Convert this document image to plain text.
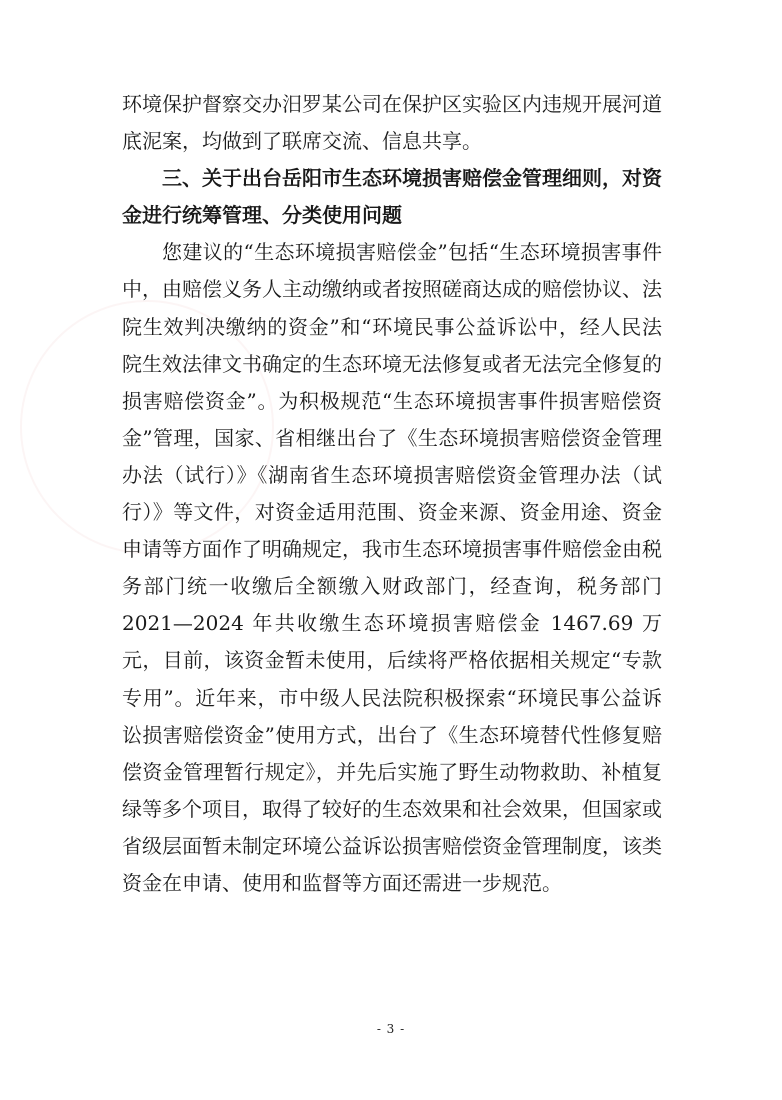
环境保护督察交办汨罗某公司在保护区实验区内违规开展河道底泥案，均做到了联席交流、信息共享。

三、关于出台岳阳市生态环境损害赔偿金管理细则，对资金进行统筹管理、分类使用问题

您建议的“生态环境损害赔偿金”包括“生态环境损害事件中，由赔偿义务人主动缴纳或者按照磋商达成的赔偿协议、法院生效判决缴纳的资金”和“环境民事公益诉讼中，经人民法院生效法律文书确定的生态环境无法修复或者无法完全修复的损害赔偿资金”。为积极规范“生态环境损害事件损害赔偿资金”管理，国家、省相继出台了《生态环境损害赔偿资金管理办法（试行）》《湖南省生态环境损害赔偿资金管理办法（试行）》等文件，对资金适用范围、资金来源、资金用途、资金申请等方面作了明确规定，我市生态环境损害事件赔偿金由税务部门统一收缴后全额缴入财政部门，经查询，税务部门 2021—2024 年共收缴生态环境损害赔偿金 1467.69 万元，目前，该资金暂未使用，后续将严格依据相关规定“专款专用”。近年来，市中级人民法院积极探索“环境民事公益诉讼损害赔偿资金”使用方式，出台了《生态环境替代性修复赔偿资金管理暂行规定》，并先后实施了野生动物救助、补植复绿等多个项目，取得了较好的生态效果和社会效果，但国家或省级层面暂未制定环境公益诉讼损害赔偿资金管理制度，该类资金在申请、使用和监督等方面还需进一步规范。

- 3 -
